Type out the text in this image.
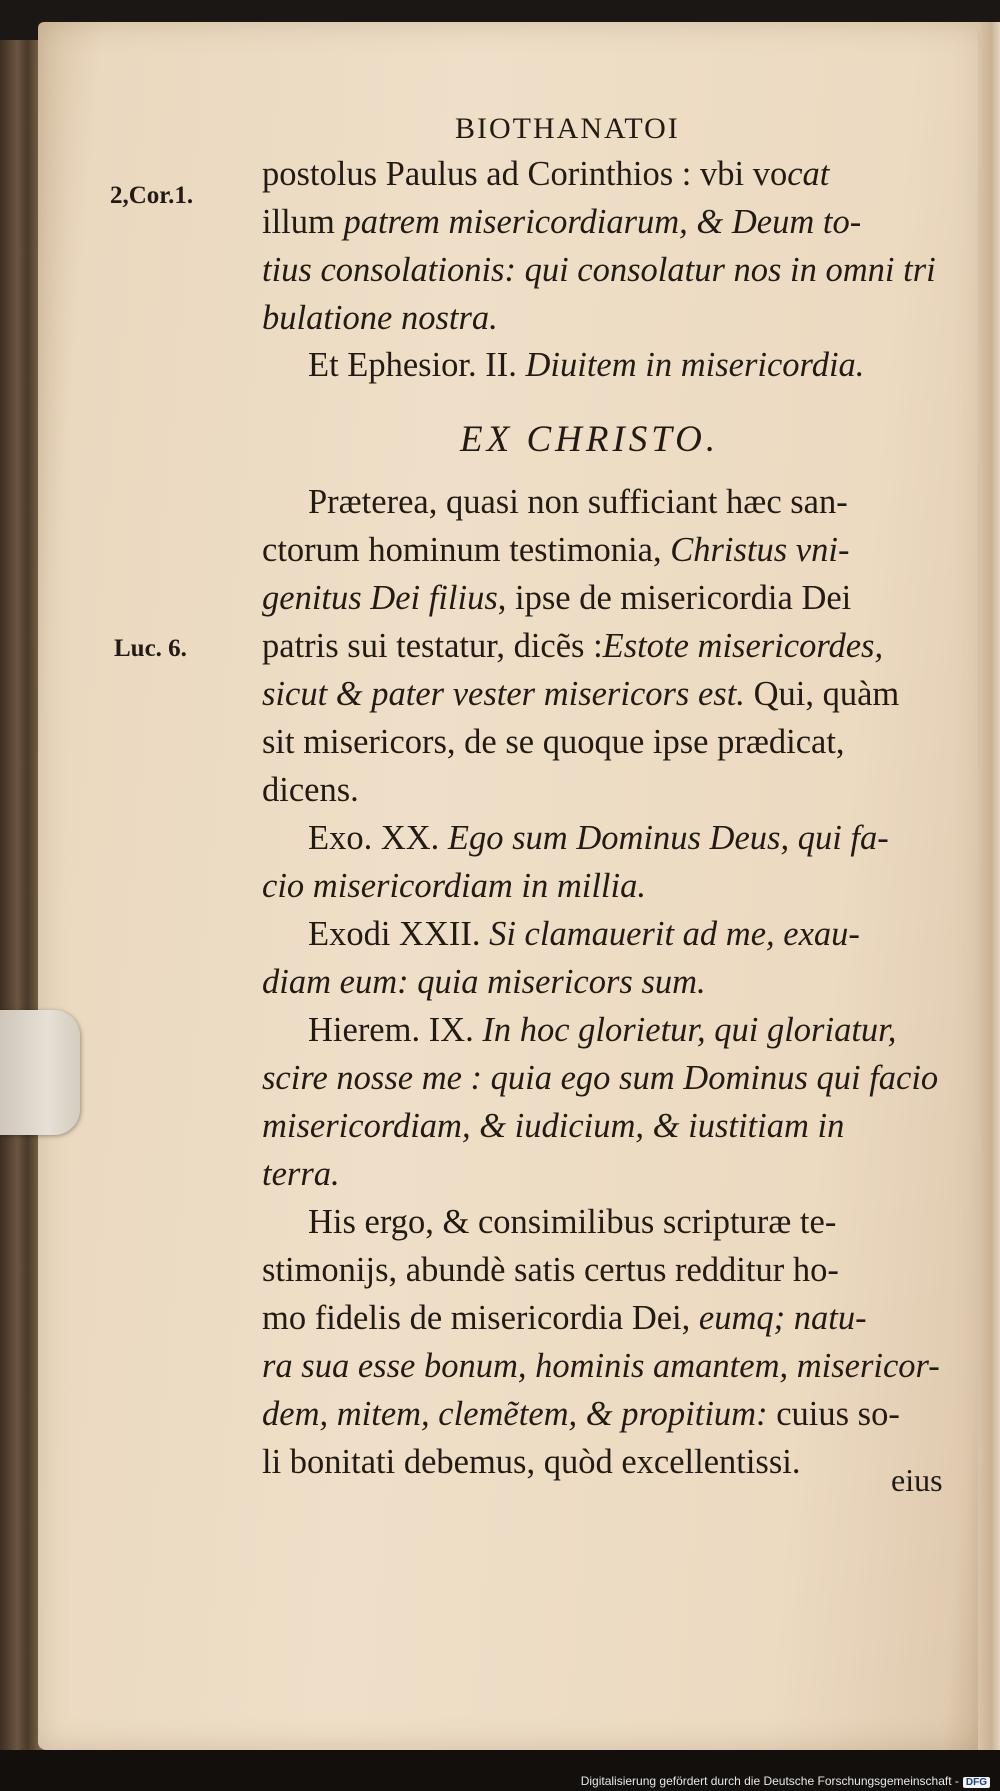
BIOTHANATOI
2,Cor.1.
Luc. 6.
postolus Paulus ad Corinthios : vbi vocat
illum patrem misericordiarum, & Deum to-
tius consolationis: qui consolatur nos in omni tri
bulatione nostra.
Et Ephesior. II. Diuitem in misericordia.
EX CHRISTO.
Præterea, quasi non sufficiant hæc san-
ctorum hominum testimonia, Christus vni-
genitus Dei filius, ipse de misericordia Dei
patris sui testatur, dicẽs :Estote misericordes,
sicut & pater vester misericors est. Qui, quàm
sit misericors, de se quoque ipse prædicat,
dicens.
Exo. XX. Ego sum Dominus Deus, qui fa-
cio misericordiam in millia.
Exodi XXII. Si clamauerit ad me, exau-
diam eum: quia misericors sum.
Hierem. IX. In hoc glorietur, qui gloriatur,
scire nosse me : quia ego sum Dominus qui facio
misericordiam, & iudicium, & iustitiam in
terra.
His ergo, & consimilibus scripturæ te-
stimonijs, abundè satis certus redditur ho-
mo fidelis de misericordia Dei, eumq; natu-
ra sua esse bonum, hominis amantem, misericor-
dem, mitem, clemẽtem, & propitium: cuius so-
li bonitati debemus, quòd excellentissi.	eius
Digitalisierung gefördert durch die Deutsche Forschungsgemeinschaft - DFG
